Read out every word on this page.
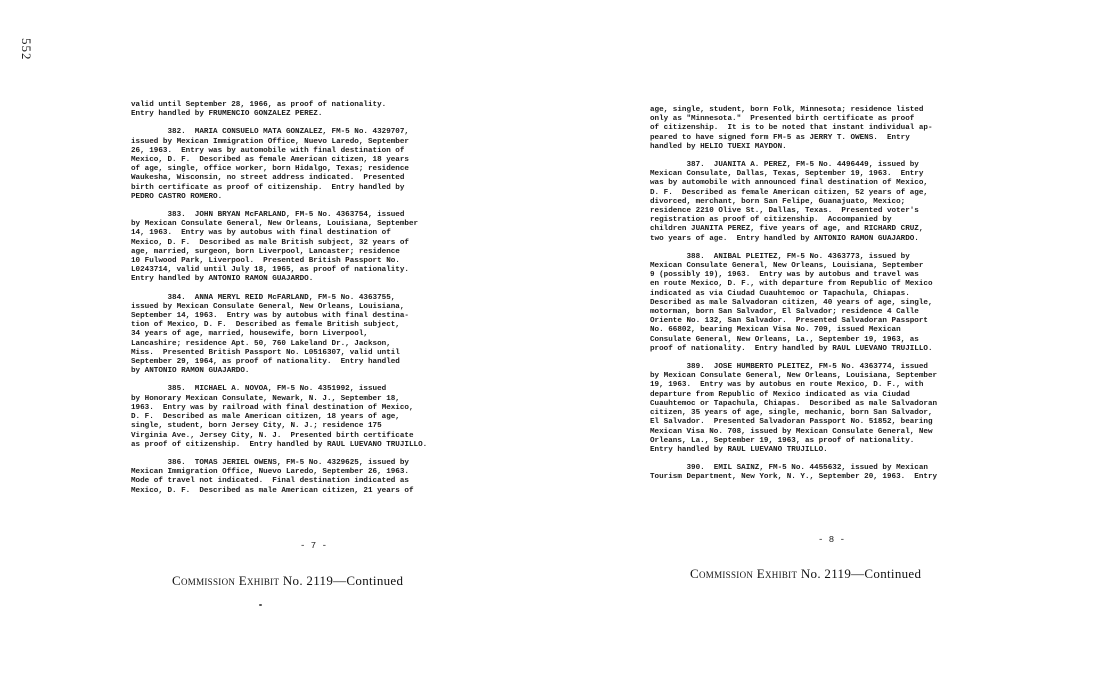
552
valid until September 28, 1966, as proof of nationality.
Entry handled by FRUMENCIO GONZALEZ PEREZ.
382.  MARIA CONSUELO MATA GONZALEZ, FM-5 No. 4329707,
issued by Mexican Immigration Office, Nuevo Laredo, September
26, 1963.  Entry was by automobile with final destination of
Mexico, D. F.  Described as female American citizen, 18 years
of age, single, office worker, born Hidalgo, Texas; residence
Waukesha, Wisconsin, no street address indicated.  Presented
birth certificate as proof of citizenship.  Entry handled by
PEDRO CASTRO ROMERO.
383.  JOHN BRYAN McFARLAND, FM-5 No. 4363754, issued
by Mexican Consulate General, New Orleans, Louisiana, September
14, 1963.  Entry was by autobus with final destination of
Mexico, D. F.  Described as male British subject, 32 years of
age, married, surgeon, born Liverpool, Lancaster; residence
10 Fulwood Park, Liverpool.  Presented British Passport No.
L0243714, valid until July 18, 1965, as proof of nationality.
Entry handled by ANTONIO RAMON GUAJARDO.
384.  ANNA MERYL REID McFARLAND, FM-5 No. 4363755,
issued by Mexican Consulate General, New Orleans, Louisiana,
September 14, 1963.  Entry was by autobus with final destina-
tion of Mexico, D. F.  Described as female British subject,
34 years of age, married, housewife, born Liverpool,
Lancashire; residence Apt. 50, 760 Lakeland Dr., Jackson,
Miss.  Presented British Passport No. L0516307, valid until
September 29, 1964, as proof of nationality.  Entry handled
by ANTONIO RAMON GUAJARDO.
385.  MICHAEL A. NOVOA, FM-5 No. 4351992, issued
by Honorary Mexican Consulate, Newark, N. J., September 18,
1963.  Entry was by railroad with final destination of Mexico,
D. F.  Described as male American citizen, 18 years of age,
single, student, born Jersey City, N. J.; residence 175
Virginia Ave., Jersey City, N. J.  Presented birth certificate
as proof of citizenship.  Entry handled by RAUL LUEVANO TRUJILLO.
386.  TOMAS JERIEL OWENS, FM-5 No. 4329625, issued by
Mexican Immigration Office, Nuevo Laredo, September 26, 1963.
Mode of travel not indicated.  Final destination indicated as
Mexico, D. F.  Described as male American citizen, 21 years of
age, single, student, born Folk, Minnesota; residence listed
only as "Minnesota."  Presented birth certificate as proof
of citizenship.  It is to be noted that instant individual ap-
peared to have signed form FM-5 as JERRY T. OWENS.  Entry
handled by HELIO TUEXI MAYDON.
387.  JUANITA A. PEREZ, FM-5 No. 4496449, issued by
Mexican Consulate, Dallas, Texas, September 19, 1963.  Entry
was by automobile with announced final destination of Mexico,
D. F.  Described as female American citizen, 52 years of age,
divorced, merchant, born San Felipe, Guanajuato, Mexico;
residence 2210 Olive St., Dallas, Texas.  Presented voter's
registration as proof of citizenship.  Accompanied by
children JUANITA PEREZ, five years of age, and RICHARD CRUZ,
two years of age.  Entry handled by ANTONIO RAMON GUAJARDO.
388.  ANIBAL PLEITEZ, FM-5 No. 4363773, issued by
Mexican Consulate General, New Orleans, Louisiana, September
9 (possibly 19), 1963.  Entry was by autobus and travel was
en route Mexico, D. F., with departure from Republic of Mexico
indicated as via Ciudad Cuauhtemoc or Tapachula, Chiapas.
Described as male Salvadoran citizen, 40 years of age, single,
motorman, born San Salvador, El Salvador; residence 4 Calle
Oriente No. 132, San Salvador.  Presented Salvadoran Passport
No. 66802, bearing Mexican Visa No. 709, issued Mexican
Consulate General, New Orleans, La., September 19, 1963, as
proof of nationality.  Entry handled by RAUL LUEVANO TRUJILLO.
389.  JOSE HUMBERTO PLEITEZ, FM-5 No. 4363774, issued
by Mexican Consulate General, New Orleans, Louisiana, September
19, 1963.  Entry was by autobus en route Mexico, D. F., with
departure from Republic of Mexico indicated as via Ciudad
Cuauhtemoc or Tapachula, Chiapas.  Described as male Salvadoran
citizen, 35 years of age, single, mechanic, born San Salvador,
El Salvador.  Presented Salvadoran Passport No. 51852, bearing
Mexican Visa No. 708, issued by Mexican Consulate General, New
Orleans, La., September 19, 1963, as proof of nationality.
Entry handled by RAUL LUEVANO TRUJILLO.
390.  EMIL SAINZ, FM-5 No. 4455632, issued by Mexican
Tourism Department, New York, N. Y., September 20, 1963.  Entry
- 7 -
- 8 -
Commission Exhibit No. 2119—Continued	Commission Exhibit No. 2119—Continued
